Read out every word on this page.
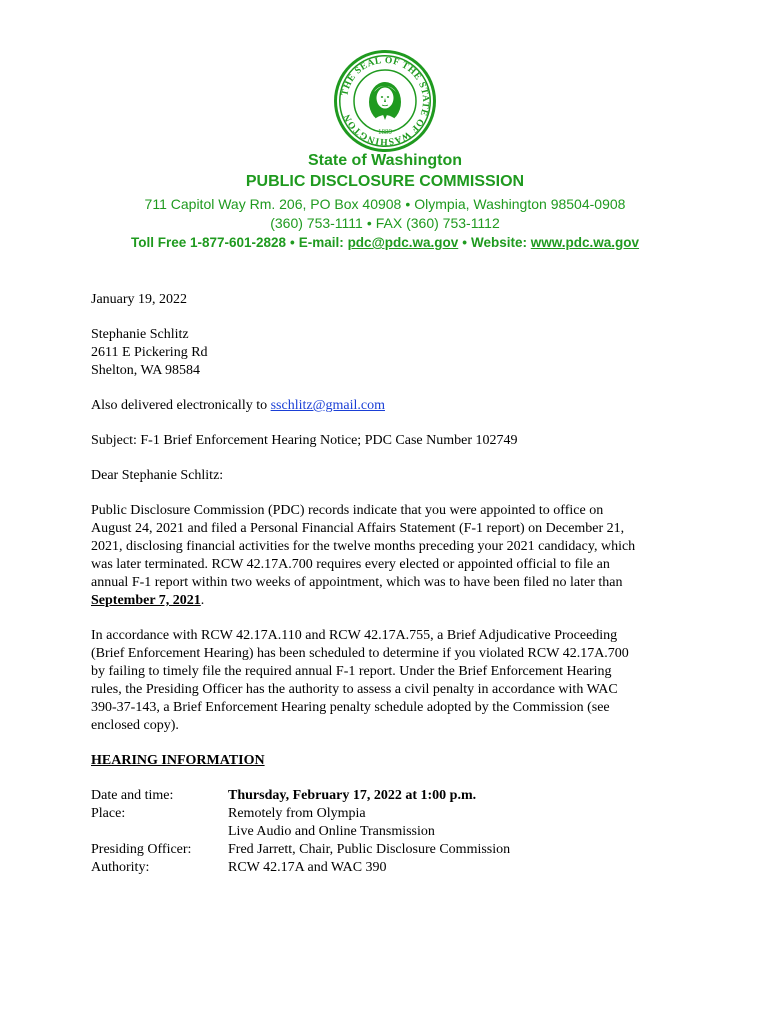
THE SEAL OF THE STATE OF WASHINGTON
1889
State of Washington
PUBLIC DISCLOSURE COMMISSION
711 Capitol Way Rm. 206, PO Box 40908 • Olympia, Washington 98504-0908
(360) 753-1111 • FAX (360) 753-1112
Toll Free 1-877-601-2828 • E-mail: pdc@pdc.wa.gov • Website: www.pdc.wa.gov

January 19, 2022

Stephanie Schlitz

2611 E Pickering Rd

Shelton, WA 98584

Also delivered electronically to sschlitz@gmail.com

Subject: F-1 Brief Enforcement Hearing Notice; PDC Case Number 102749

Dear Stephanie Schlitz:

Public Disclosure Commission (PDC) records indicate that you were appointed to office on

August 24, 2021 and filed a Personal Financial Affairs Statement (F-1 report) on December 21,

2021, disclosing financial activities for the twelve months preceding your 2021 candidacy, which

was later terminated. RCW 42.17A.700 requires every elected or appointed official to file an

annual F-1 report within two weeks of appointment, which was to have been filed no later than

September 7, 2021.

In accordance with RCW 42.17A.110 and RCW 42.17A.755, a Brief Adjudicative Proceeding

(Brief Enforcement Hearing) has been scheduled to determine if you violated RCW 42.17A.700

by failing to timely file the required annual F-1 report. Under the Brief Enforcement Hearing

rules, the Presiding Officer has the authority to assess a civil penalty in accordance with WAC

390-37-143, a Brief Enforcement Hearing penalty schedule adopted by the Commission (see

enclosed copy).

HEARING INFORMATION

Date and time:	Thursday, February 17, 2022 at 1:00 p.m.

Place:	Remotely from Olympia

Live Audio and Online Transmission

Presiding Officer:	Fred Jarrett, Chair, Public Disclosure Commission

Authority:	RCW 42.17A and WAC 390
